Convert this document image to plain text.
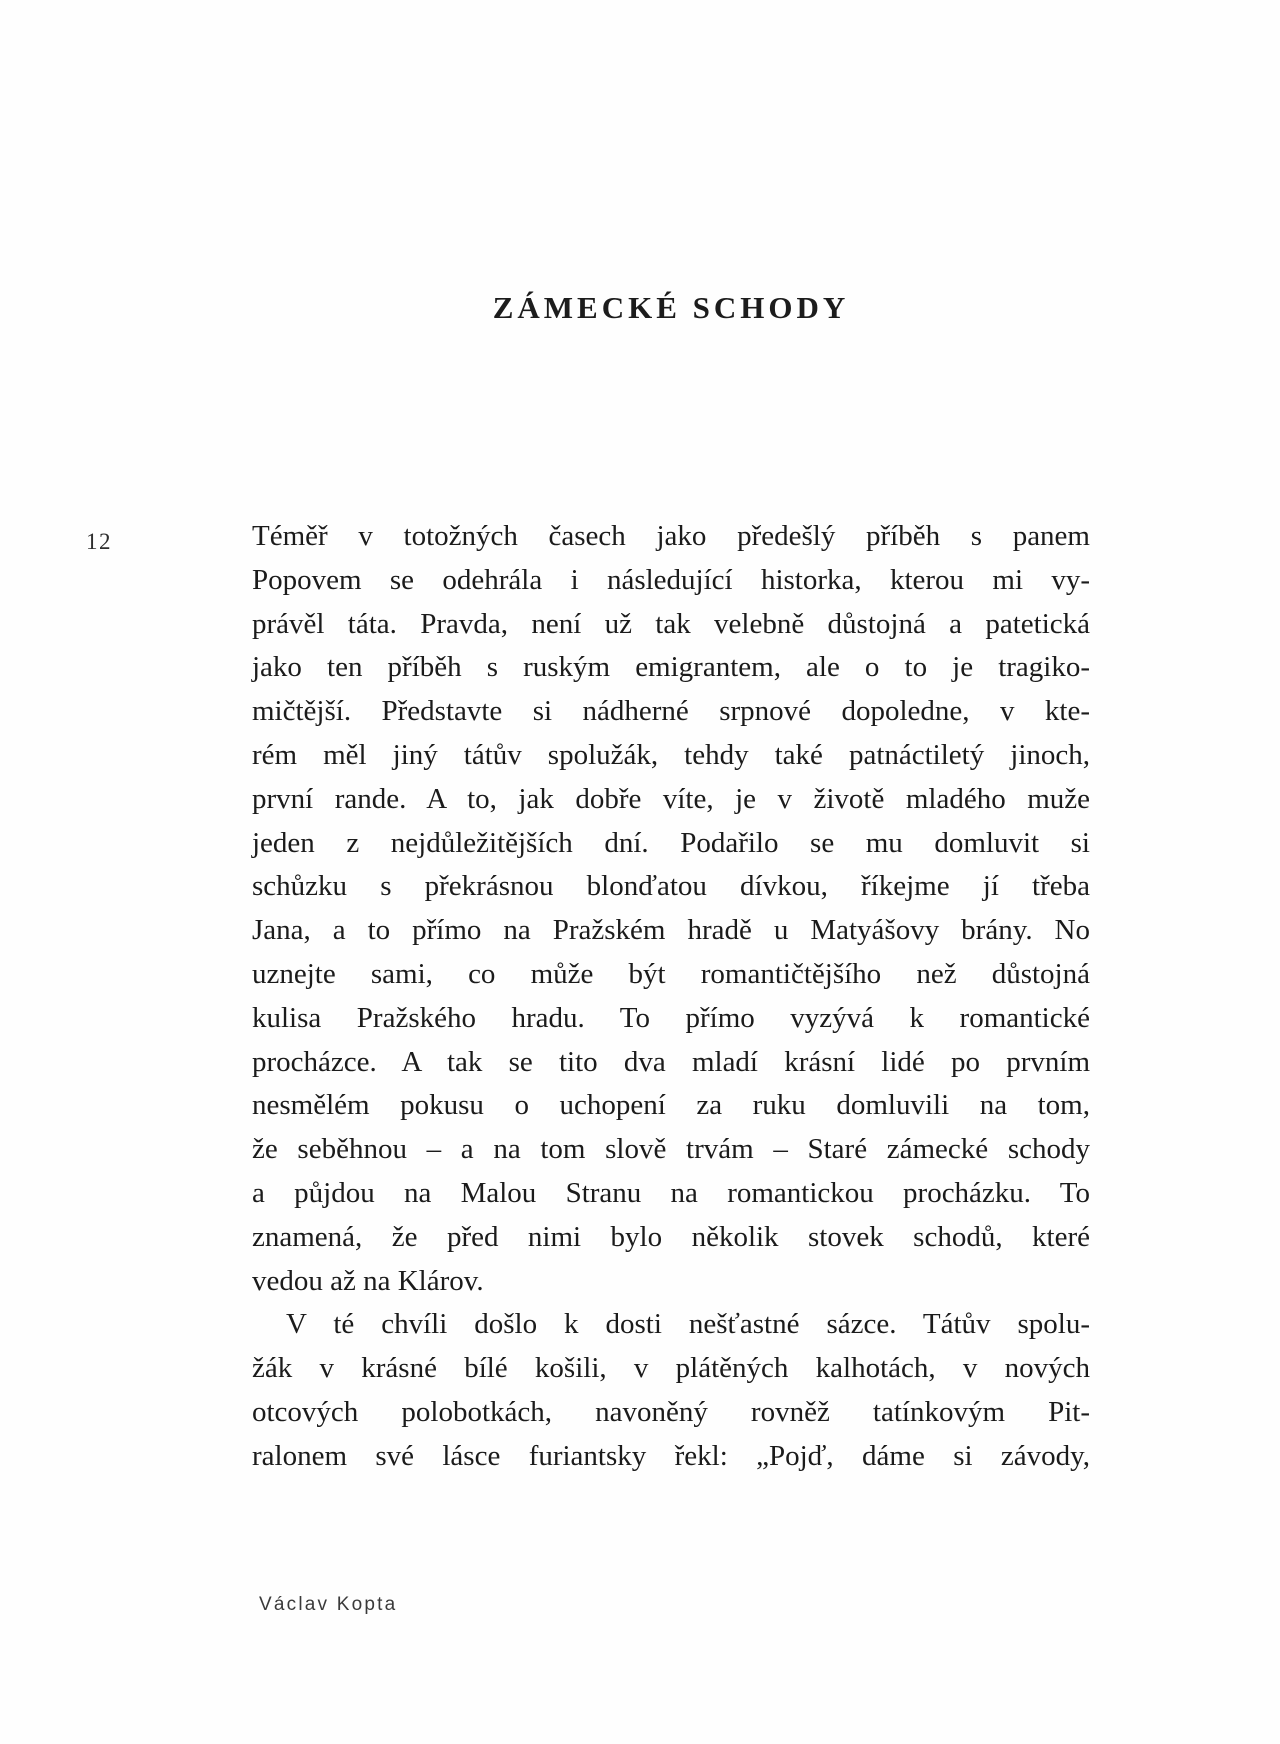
ZÁMECKÉ SCHODY
12	Téměř v totožných časech jako předešlý příběh s panem
Popovem se odehrála i následující historka, kterou mi vy-
právěl táta. Pravda, není už tak velebně důstojná a patetická
jako ten příběh s ruským emigrantem, ale o to je tragiko-
mičtější. Představte si nádherné srpnové dopoledne, v kte-
rém měl jiný tátův spolužák, tehdy také patnáctiletý jinoch,
první rande. A to, jak dobře víte, je v životě mladého muže
jeden z nejdůležitějších dní. Podařilo se mu domluvit si
schůzku s překrásnou blonďatou dívkou, říkejme jí třeba
Jana, a to přímo na Pražském hradě u Matyášovy brány. No
uznejte sami, co může být romantičtějšího než důstojná
kulisa Pražského hradu. To přímo vyzývá k romantické
procházce. A tak se tito dva mladí krásní lidé po prvním
nesmělém pokusu o uchopení za ruku domluvili na tom,
že seběhnou – a na tom slově trvám – Staré zámecké schody
a půjdou na Malou Stranu na romantickou procházku. To
znamená, že před nimi bylo několik stovek schodů, které
vedou až na Klárov.
V té chvíli došlo k dosti nešťastné sázce. Tátův spolu-
žák v krásné bílé košili, v plátěných kalhotách, v nových
otcových polobotkách, navoněný rovněž tatínkovým Pit-
ralonem své lásce furiantsky řekl: „Pojď, dáme si závody,
Václav Kopta
